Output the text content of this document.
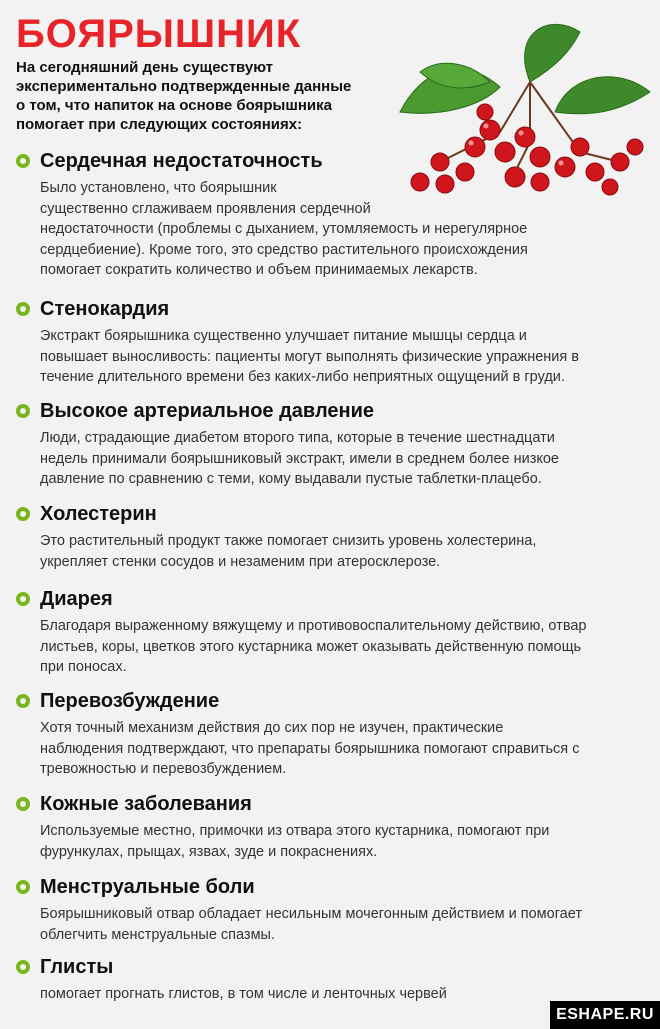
БОЯРЫШНИК

На сегодняшний день существуют
экспериментально подтвержденные данные
о том, что напиток на основе боярышника
помогает при следующих состояниях:

Сердечная недостаточность
Было установлено, что боярышник
существенно сглаживаем проявления сердечной
недостаточности (проблемы с дыханием, утомляемость и нерегулярное
сердцебиение). Кроме того, это средство растительного происхождения
помогает сократить количество и объем принимаемых лекарств.
Стенокардия
Экстракт боярышника существенно улучшает питание мышцы сердца и
повышает выносливость: пациенты могут выполнять физические упражнения в
течение длительного времени без каких-либо неприятных ощущений в груди.
Высокое артериальное давление
Люди, страдающие диабетом второго типа, которые в течение шестнадцати
недель принимали боярышниковый экстракт, имели в среднем более низкое
давление по сравнению с теми, кому выдавали пустые таблетки-плацебо.
Холестерин
Это растительный продукт также помогает снизить уровень холестерина,
укрепляет стенки сосудов и незаменим при атеросклерозе.
Диарея
Благодаря выраженному вяжущему и противовоспалительному действию, отвар
листьев, коры, цветков этого кустарника может оказывать действенную помощь
при поносах.
Перевозбуждение
Хотя точный механизм действия до сих пор не изучен, практические
наблюдения подтверждают, что препараты боярышника помогают справиться с
тревожностью и перевозбуждением.
Кожные заболевания
Используемые местно, примочки из отвара этого кустарника, помогают при
фурункулах, прыщах, язвах, зуде и покраснениях.
Менструальные боли
Боярышниковый отвар обладает несильным мочегонным действием и помогает
облегчить менструальные спазмы.
Глисты
помогает прогнать глистов, в том числе и ленточных червей
ESHAPE.RU
